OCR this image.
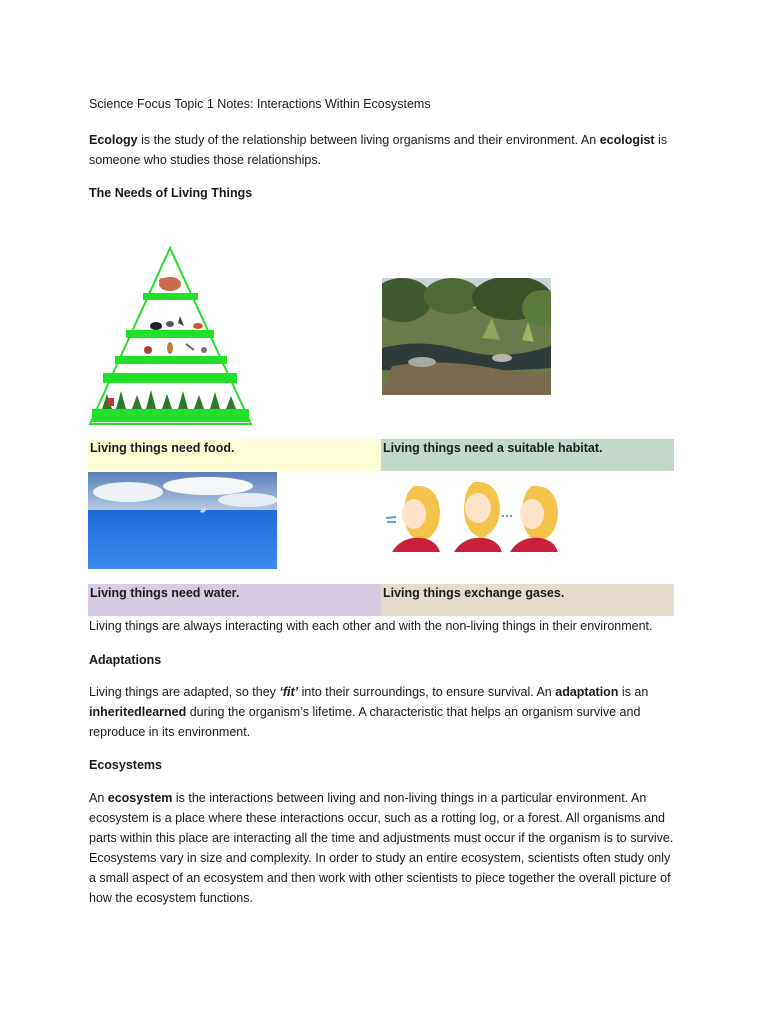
Science Focus Topic 1 Notes: Interactions Within Ecosystems
Ecology is the study of the relationship between living organisms and their environment. An ecologist is someone who studies those relationships.
The Needs of Living Things
Living things need food.	Living things need a suitable habitat.
Living things need water.	Living things exchange gases.
Living things are always interacting with each other and with the non-living things in their environment.
Adaptations
Living things are adapted, so they ‘fit’ into their surroundings, to ensure survival. An adaptation is an inheritedlearned during the organism’s lifetime. A characteristic that helps an organism survive and reproduce in its environment.
Ecosystems
An ecosystem is the interactions between living and non-living things in a particular environment. An ecosystem is a place where these interactions occur, such as a rotting log, or a forest. All organisms and parts within this place are interacting all the time and adjustments must occur if the organism is to survive. Ecosystems vary in size and complexity. In order to study an entire ecosystem, scientists often study only a small aspect of an ecosystem and then work with other scientists to piece together the overall picture of how the ecosystem functions.
